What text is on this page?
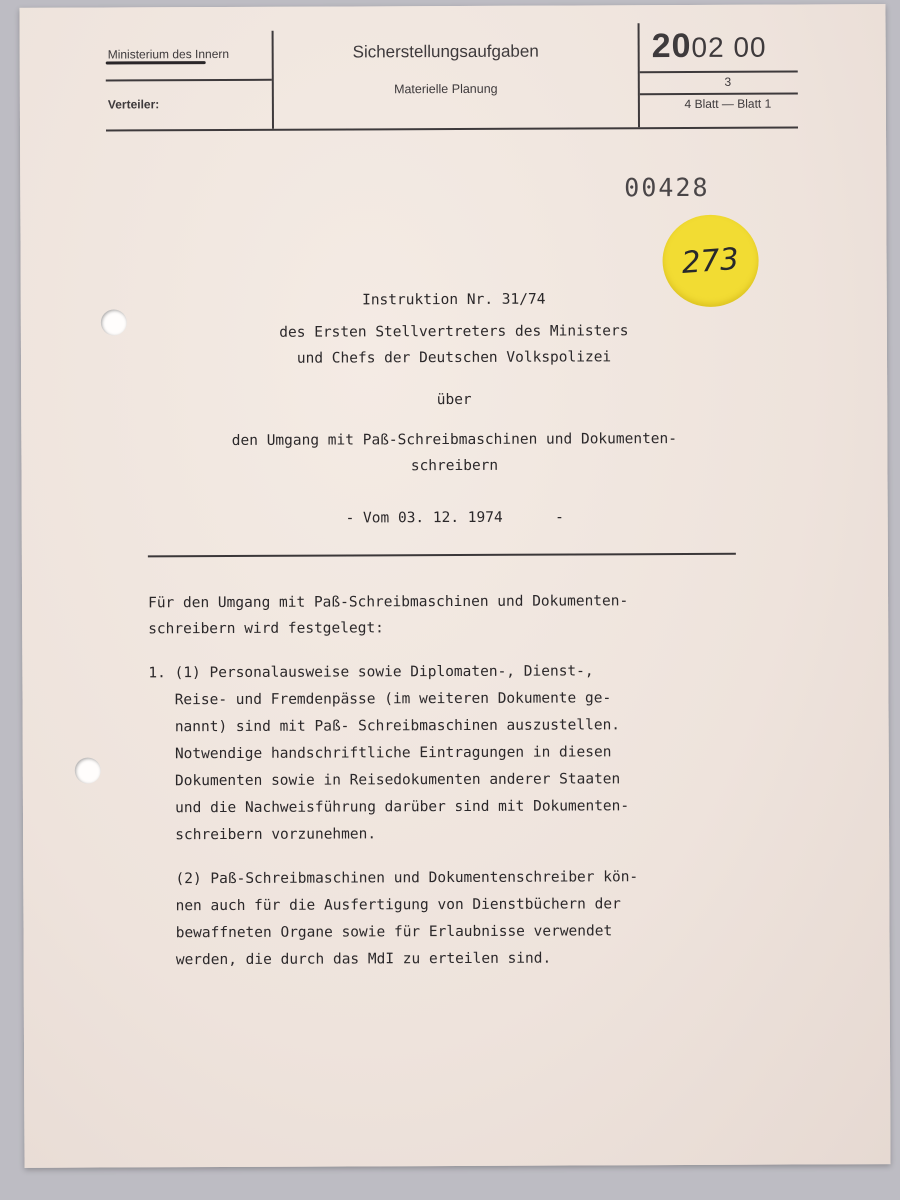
Ministerium des Innern
Verteiler:
Sicherstellungsaufgaben
Materielle Planung
2002 00
3
4 Blatt — Blatt 1
00428
273
Instruktion Nr. 31/74
des Ersten Stellvertreters des Ministers
und Chefs der Deutschen Volkspolizei
über
den Umgang mit Paß-Schreibmaschinen und Dokumenten-
schreibern
- Vom 03. 12. 1974      -
Für den Umgang mit Paß-Schreibmaschinen und Dokumenten-
schreibern wird festgelegt:
1. (1) Personalausweise sowie Diplomaten-, Dienst-,
Reise- und Fremdenpässe (im weiteren Dokumente ge-
nannt) sind mit Paß- Schreibmaschinen auszustellen.
Notwendige handschriftliche Eintragungen in diesen
Dokumenten sowie in Reisedokumenten anderer Staaten
und die Nachweisführung darüber sind mit Dokumenten-
schreibern vorzunehmen.
(2) Paß-Schreibmaschinen und Dokumentenschreiber kön-
nen auch für die Ausfertigung von Dienstbüchern der
bewaffneten Organe sowie für Erlaubnisse verwendet
werden, die durch das MdI zu erteilen sind.
